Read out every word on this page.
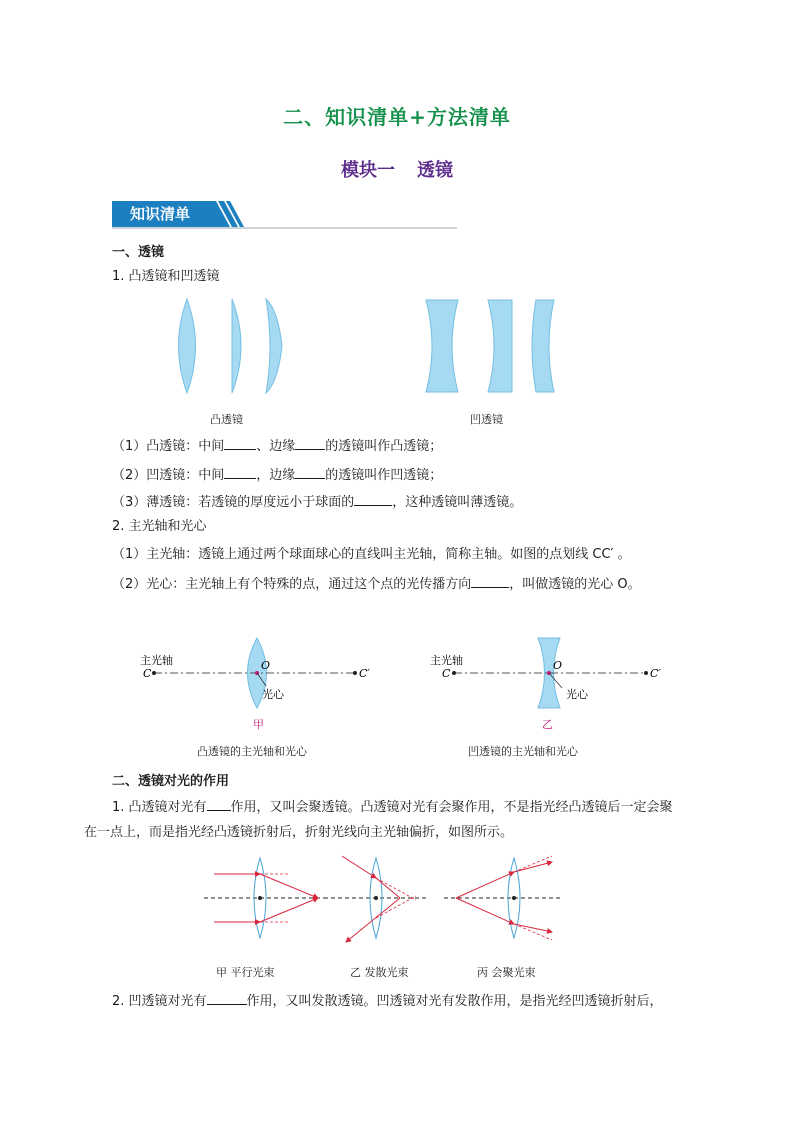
二、知识清单+方法清单
模块一 透镜
知识清单
一、透镜
1. 凸透镜和凹透镜
凸透镜	凹透镜
（1）凸透镜：中间 、边缘 的透镜叫作凸透镜；
（2）凹透镜：中间 ，边缘 的透镜叫作凹透镜；
（3）薄透镜：若透镜的厚度远小于球面的	，这种透镜叫薄透镜。
2. 主光轴和光心
（1）主光轴：透镜上通过两个球面球心的直线叫主光轴，简称主轴。如图的点划线 CC′ 。
（2）光心：主光轴上有个特殊的点，通过这个点的光传播方向	，叫做透镜的光心 O。
主光轴
C	C′
O
光心
甲
主光轴
C	C′
O
光心
乙
凸透镜的主光轴和光心	凹透镜的主光轴和光心
二、透镜对光的作用
1. 凸透镜对光有 作用，又叫会聚透镜。凸透镜对光有会聚作用，不是指光经凸透镜后一定会聚
在一点上，而是指光经凸透镜折射后，折射光线向主光轴偏折，如图所示。
甲 平行光束	乙 发散光束	丙 会聚光束
2. 凹透镜对光有	作用，又叫发散透镜。凹透镜对光有发散作用，是指光经凹透镜折射后，
